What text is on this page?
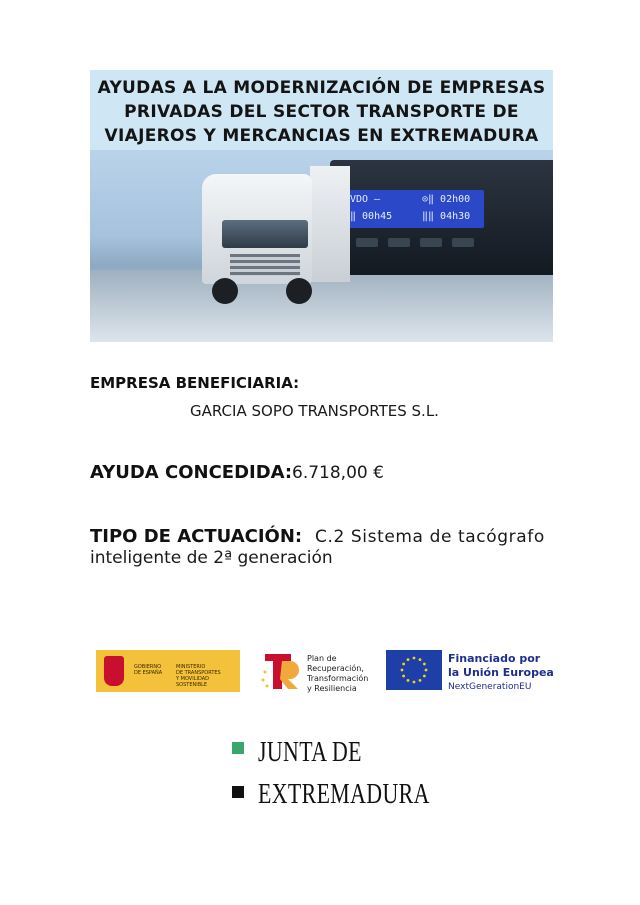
AYUDAS A LA MODERNIZACIÓN DE EMPRESAS
PRIVADAS DEL SECTOR TRANSPORTE DE
VIAJEROS Y MERCANCIAS EN EXTREMADURA
VDO ―	⊙‖ 02h00
‖ 00h45	‖‖ 04h30
EMPRESA BENEFICIARIA:
GARCIA SOPO TRANSPORTES S.L.
AYUDA CONCEDIDA: 6.718,00 €
TIPO DE ACTUACIÓN: C.2 Sistema de tacógrafo
inteligente de 2ª generación
GOBIERNO
DE ESPAÑA
MINISTERIO
DE TRANSPORTES
Y MOVILIDAD SOSTENIBLE
Plan de
Recuperación,
Transformación
y Resiliencia
Financiado por
la Unión Europea
NextGenerationEU
JUNTA DE
EXTREMADURA
